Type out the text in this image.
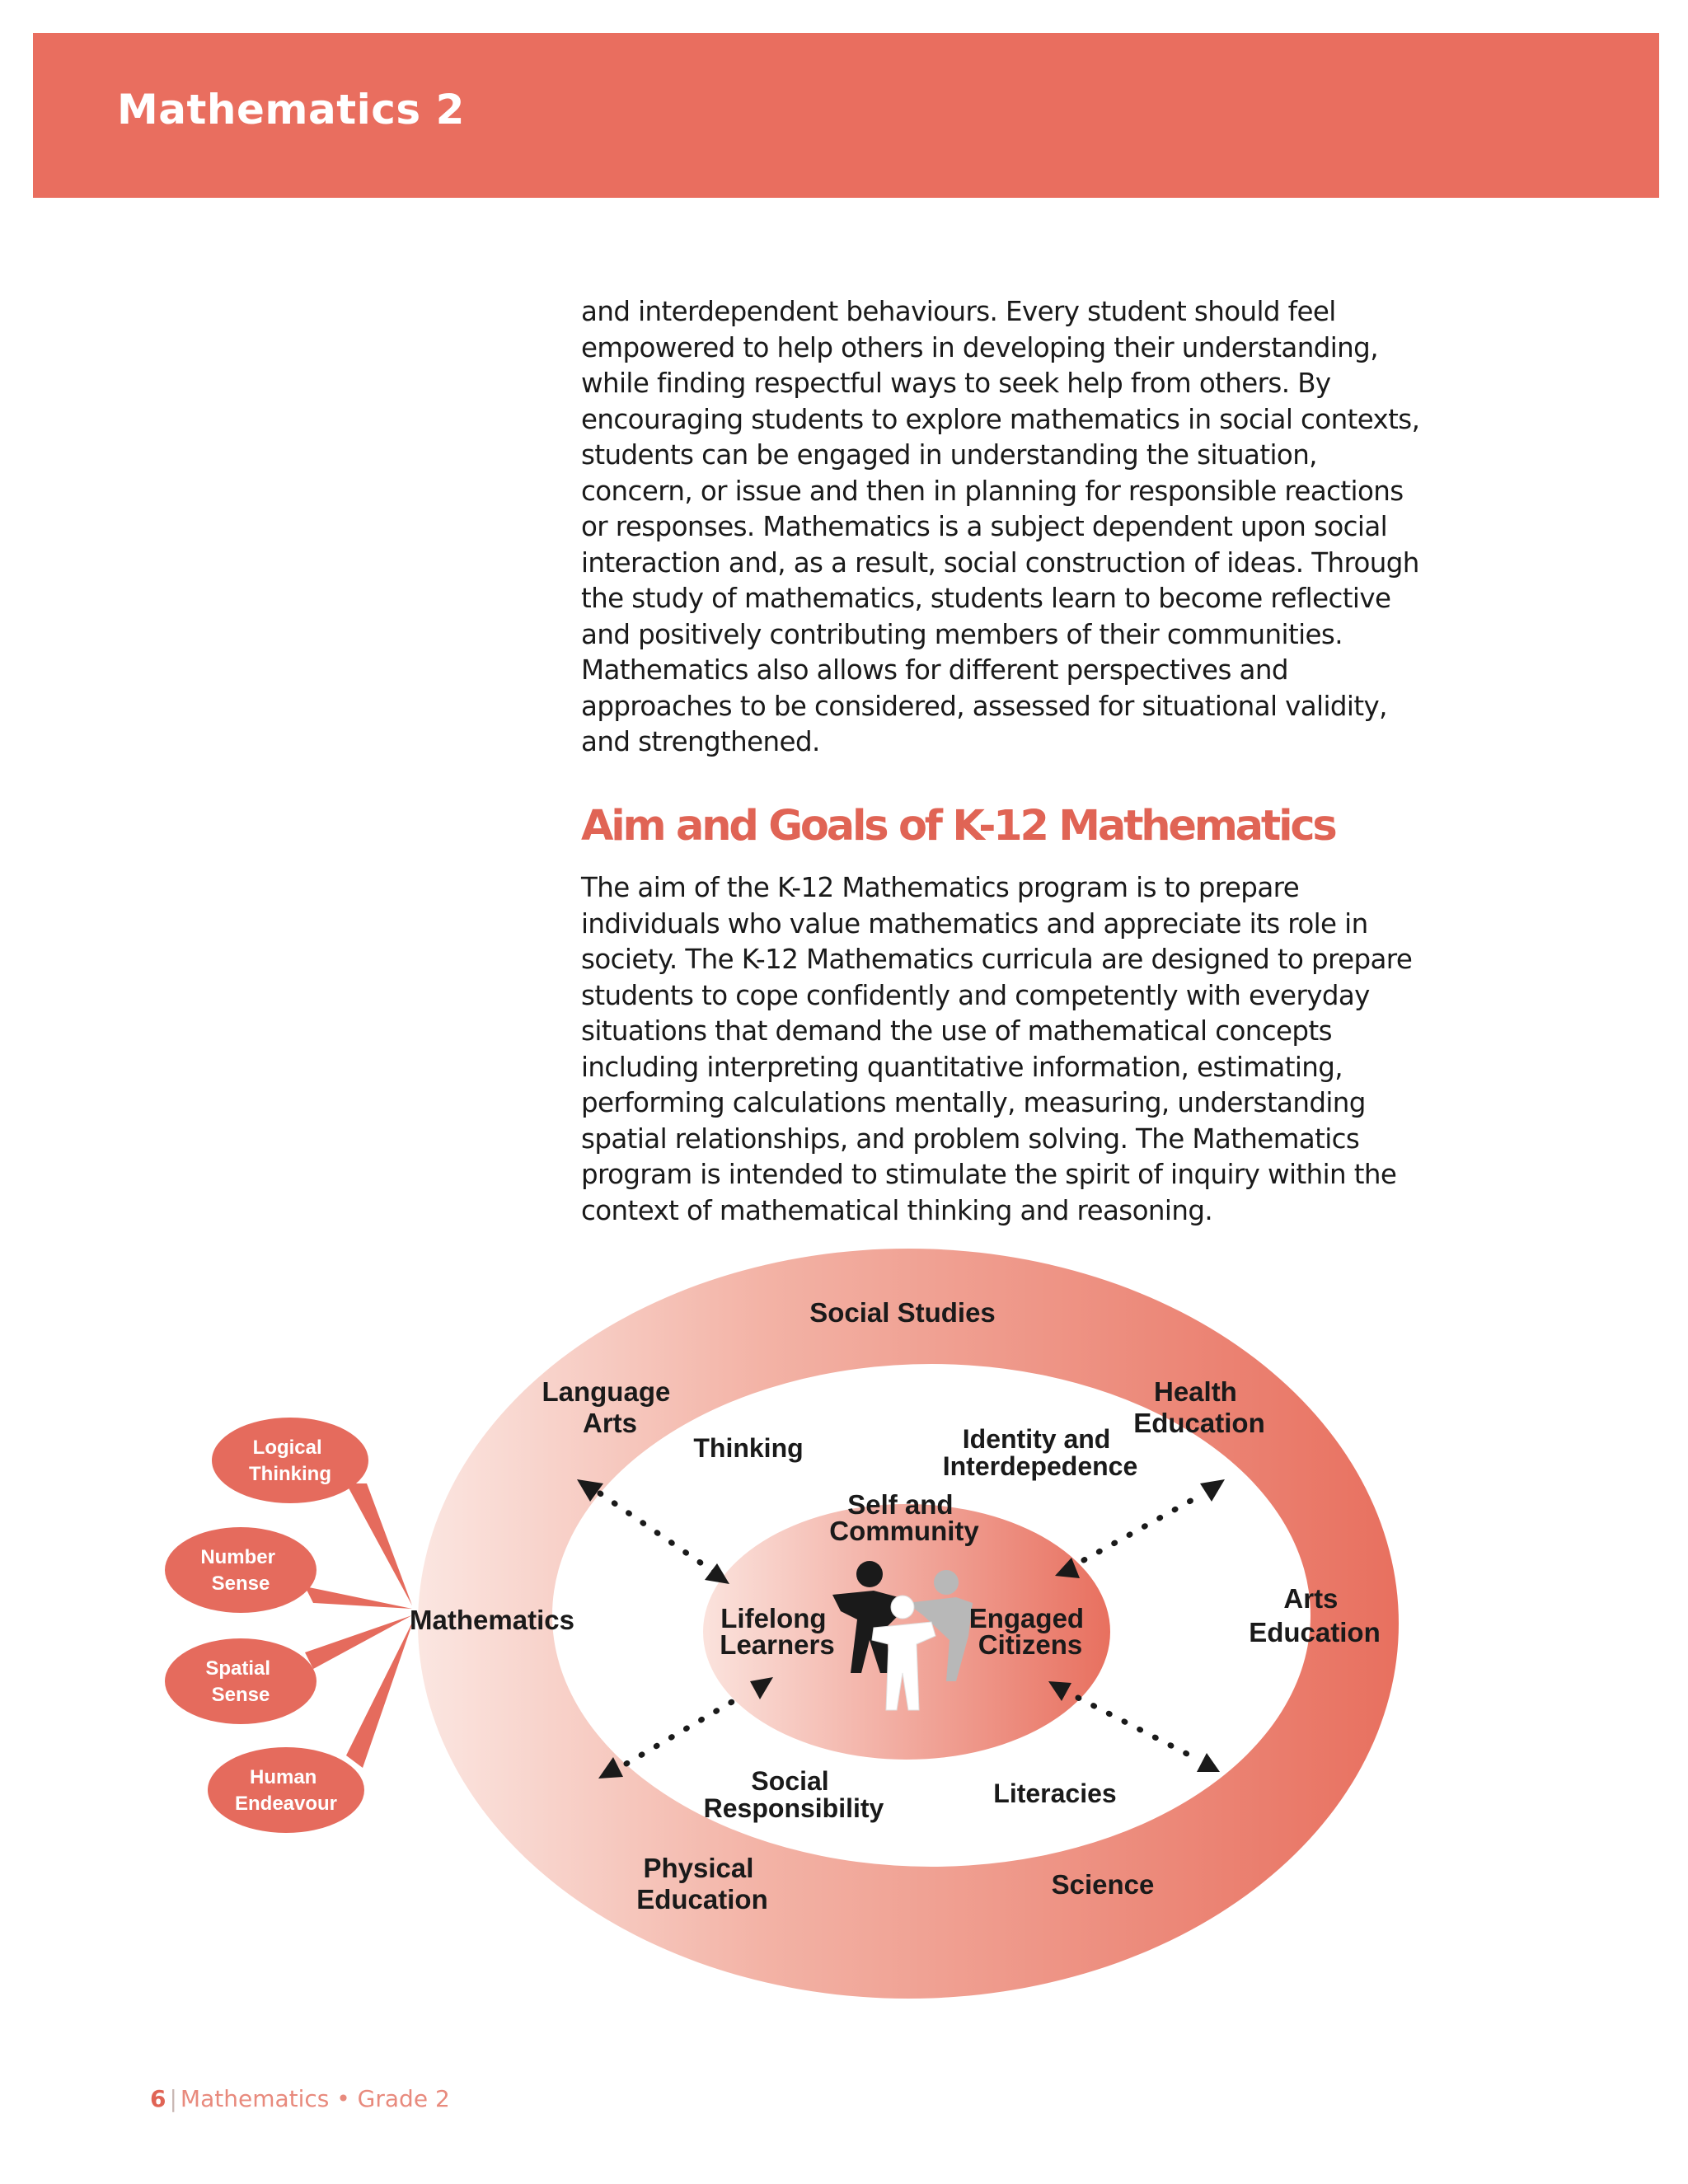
Mathematics 2

and interdependent behaviours. Every student should feel
empowered to help others in developing their understanding,
while finding respectful ways to seek help from others. By
encouraging students to explore mathematics in social contexts,
students can be engaged in understanding the situation,
concern, or issue and then in planning for responsible reactions
or responses. Mathematics is a subject dependent upon social
interaction and, as a result, social construction of ideas. Through
the study of mathematics, students learn to become reflective
and positively contributing members of their communities.
Mathematics also allows for different perspectives and
approaches to be considered, assessed for situational validity,
and strengthened.

Aim and Goals of K-12 Mathematics

The aim of the K-12 Mathematics program is to prepare
individuals who value mathematics and appreciate its role in
society. The K-12 Mathematics curricula are designed to prepare
students to cope confidently and competently with everyday
situations that demand the use of mathematical concepts
including interpreting quantitative information, estimating,
performing calculations mentally, measuring, understanding
spatial relationships, and problem solving. The Mathematics
program is intended to stimulate the spirit of inquiry within the
context of mathematical thinking and reasoning.

Logical Thinking
Number Sense
Spatial Sense
Human Endeavour
Social Studies
Language Arts
Health Education
Arts Education
Mathematics
Physical Education	Science
Thinking	Identity and Interdepedence
Social Responsibility	Literacies
Self and Community
Lifelong Learners
Engaged Citizens
6 | Mathematics • Grade 2
